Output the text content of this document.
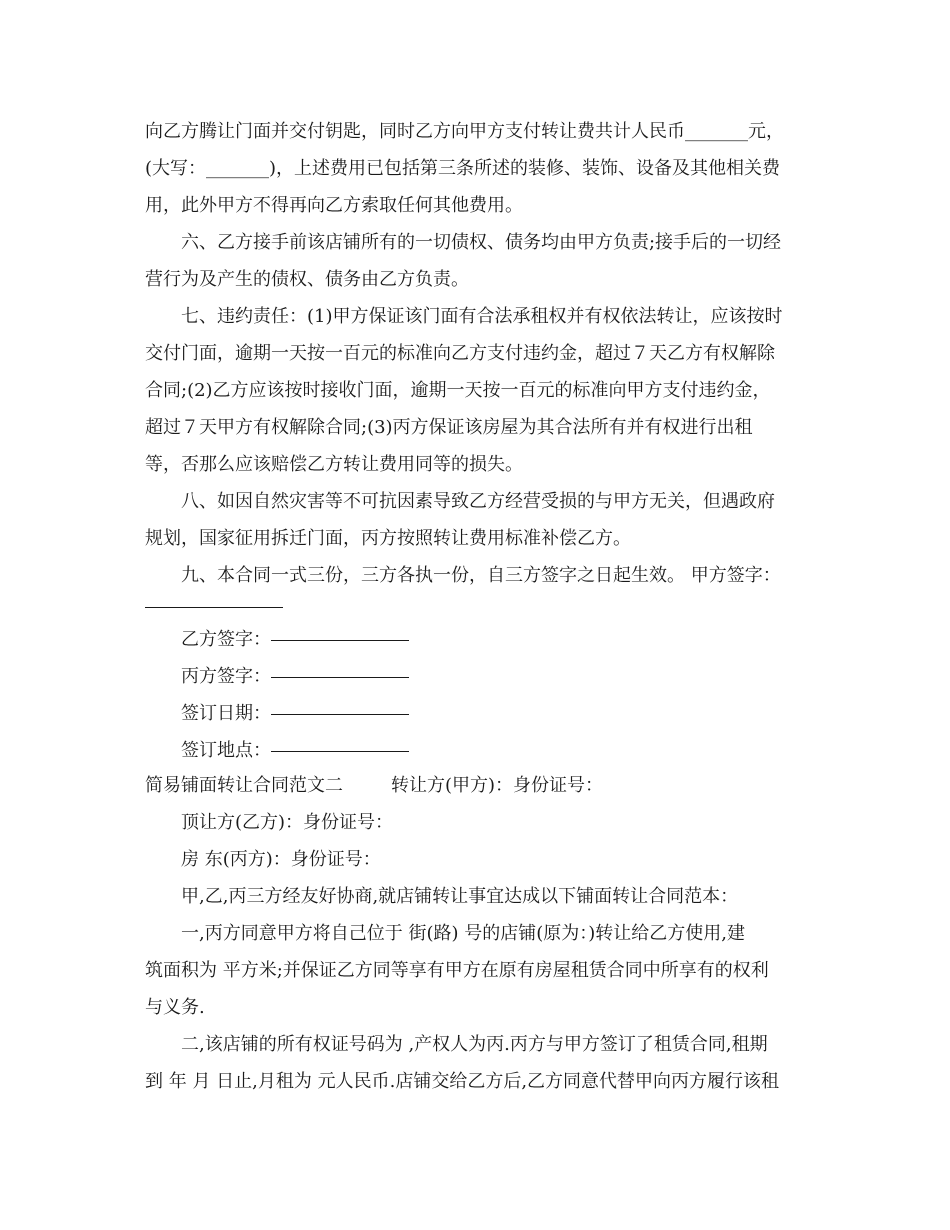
向乙方腾让门面并交付钥匙，同时乙方向甲方支付转让费共计人民币_______元，
(大写：_______)，上述费用已包括第三条所述的装修、装饰、设备及其他相关费
用，此外甲方不得再向乙方索取任何其他费用。

六、乙方接手前该店铺所有的一切债权、债务均由甲方负责;接手后的一切经
营行为及产生的债权、债务由乙方负责。

七、违约责任：(1)甲方保证该门面有合法承租权并有权依法转让，应该按时
交付门面，逾期一天按一百元的标准向乙方支付违约金，超过７天乙方有权解除
合同;(2)乙方应该按时接收门面，逾期一天按一百元的标准向甲方支付违约金，
超过７天甲方有权解除合同;(3)丙方保证该房屋为其合法所有并有权进行出租
等，否那么应该赔偿乙方转让费用同等的损失。

八、如因自然灾害等不可抗因素导致乙方经营受损的与甲方无关，但遇政府
规划，国家征用拆迁门面，丙方按照转让费用标准补偿乙方。

九、本合同一式三份，三方各执一份，自三方签字之日起生效。 甲方签字：

乙方签字：
丙方签字：
签订日期：
签订地点：
简易铺面转让合同范文二	转让方(甲方)：身份证号：
顶让方(乙方)：身份证号：
房 东(丙方)：身份证号：
甲,乙,丙三方经友好协商,就店铺转让事宜达成以下铺面转让合同范本：

一,丙方同意甲方将自己位于 街(路) 号的店铺(原为：)转让给乙方使用,建
筑面积为 平方米;并保证乙方同等享有甲方在原有房屋租赁合同中所享有的权利
与义务.

二,该店铺的所有权证号码为 ,产权人为丙.丙方与甲方签订了租赁合同,租期
到 年 月 日止,月租为 元人民币.店铺交给乙方后,乙方同意代替甲向丙方履行该租
